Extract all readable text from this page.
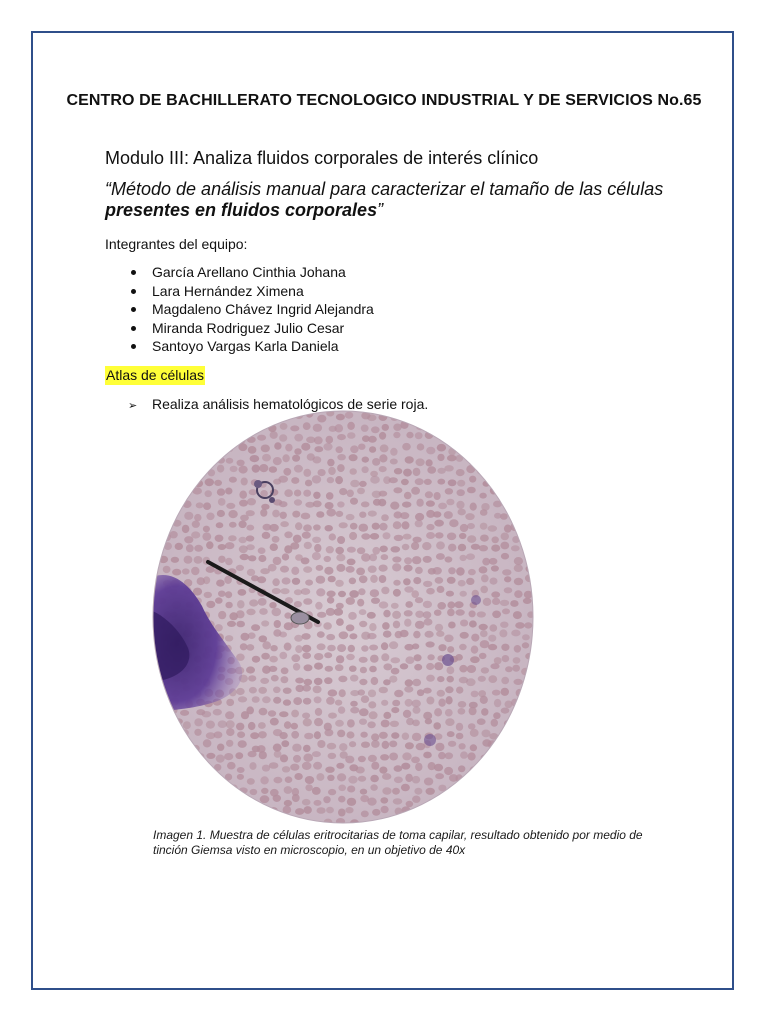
CENTRO DE BACHILLERATO TECNOLOGICO INDUSTRIAL Y DE SERVICIOS No.65
Modulo III: Analiza fluidos corporales de interés clínico
“Método de análisis manual para caracterizar el tamaño de las células presentes en fluidos corporales”
Integrantes del equipo:
García Arellano Cinthia Johana
Lara Hernández Ximena
Magdaleno Chávez Ingrid Alejandra
Miranda Rodriguez Julio Cesar
Santoyo Vargas Karla Daniela
Atlas de células
➢ Realiza análisis hematológicos de serie roja.
Imagen 1. Muestra de células eritrocitarias de toma capilar, resultado obtenido por medio de tinción Giemsa visto en microscopio, en un objetivo de 40x
